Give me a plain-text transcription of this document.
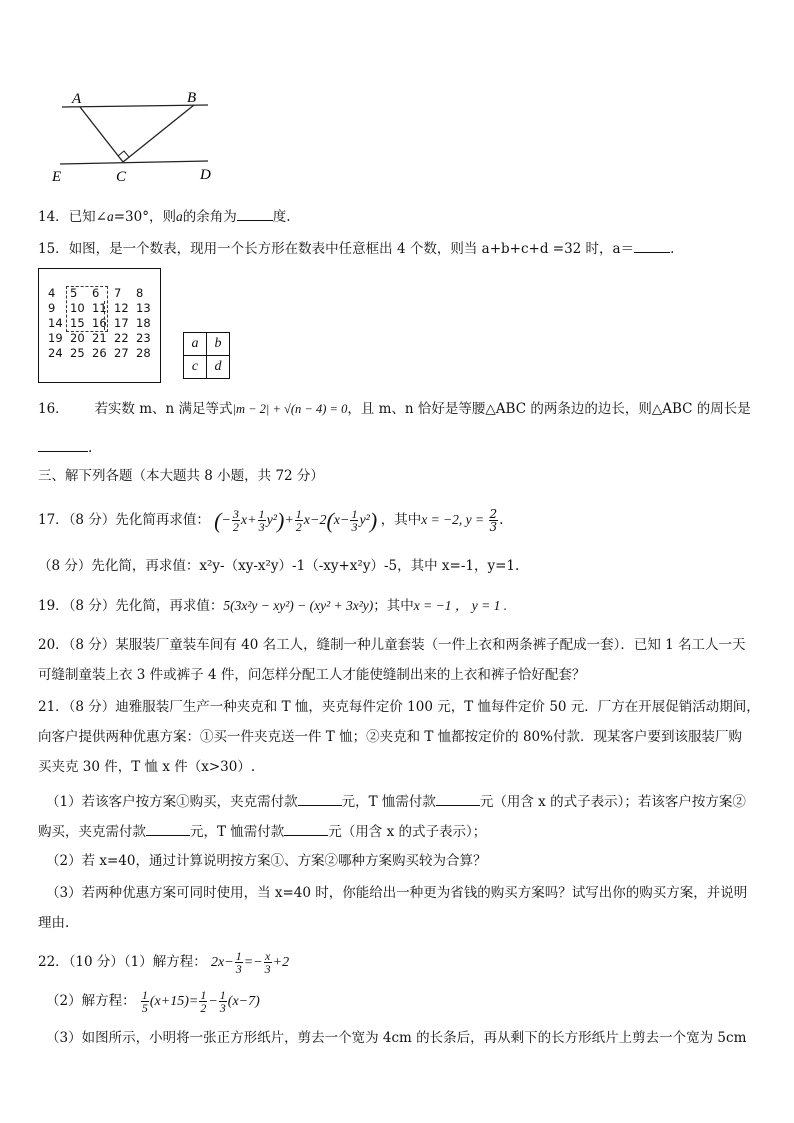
A	B
E	C	D
14．已知∠a=30°，则a的余角为	度.
15．如图，是一个数表，现用一个长方形在数表中任意框出 4 个数，则当 a+b+c+d =32 时，a＝	.
4 5 6 7 8
9 10 11 12 13
14 15 16 17 18
19 20 21 22 23
24 25 26 27 28
a	b
c	d
16． 若实数 m、n 满足等式|m − 2| + √(n − 4) = 0，且 m、n 恰好是等腰△ABC 的两条边的边长，则△ABC 的周长是
.
三、解下列各题（本大题共 8 小题，共 72 分）
17．（8 分）先化简再求值： (− $\frac{3}{2} x+ \frac{1}{3} y^2)+ \frac{1}{2} x-2(x- \frac{1}{3} y^2)$ ，其中x = −2, $y = \frac{2}{3}$ .
（8 分）先化简，再求值：x²y‐（xy‐x²y）‐1（‐xy+x²y）‐5，其中 x=‐1，y=1.
19．（8 分）先化简，再求值：5(3x²y − xy²) − (xy² + 3x²y)；其中x = −1 ， y = 1 .
20．（8 分）某服装厂童装车间有 40 名工人，缝制一种儿童套装（一件上衣和两条裤子配成一套）．已知 1 名工人一天
可缝制童装上衣 3 件或裤子 4 件，问怎样分配工人才能使缝制出来的上衣和裤子恰好配套？
21．（8 分）迪雅服装厂生产一种夹克和 T 恤，夹克每件定价 100 元，T 恤每件定价 50 元．厂方在开展促销活动期间，
向客户提供两种优惠方案：①买一件夹克送一件 T 恤；②夹克和 T 恤都按定价的 80%付款．现某客户要到该服装厂购
买夹克 30 件，T 恤 x 件（x>30）.
（1）若该客户按方案①购买，夹克需付款	元，T 恤需付款	元（用含 x 的式子表示）；若该客户按方案②
购买，夹克需付款	元，T 恤需付款	元（用含 x 的式子表示）；
（2）若 x=40，通过计算说明按方案①、方案②哪种方案购买较为合算？
（3）若两种优惠方案可同时使用，当 x=40 时，你能给出一种更为省钱的购买方案吗？试写出你的购买方案，并说明
理由.
22．（10 分）（1）解方程： $2x- \frac{1}{3} =- \frac{x}{3} +2$
（2）解方程： $\frac{1}{5} (x+15)= \frac{1}{2} - \frac{1}{3} (x-7)$
（3）如图所示，小明将一张正方形纸片，剪去一个宽为 4cm 的长条后，再从剩下的长方形纸片上剪去一个宽为 5cm
